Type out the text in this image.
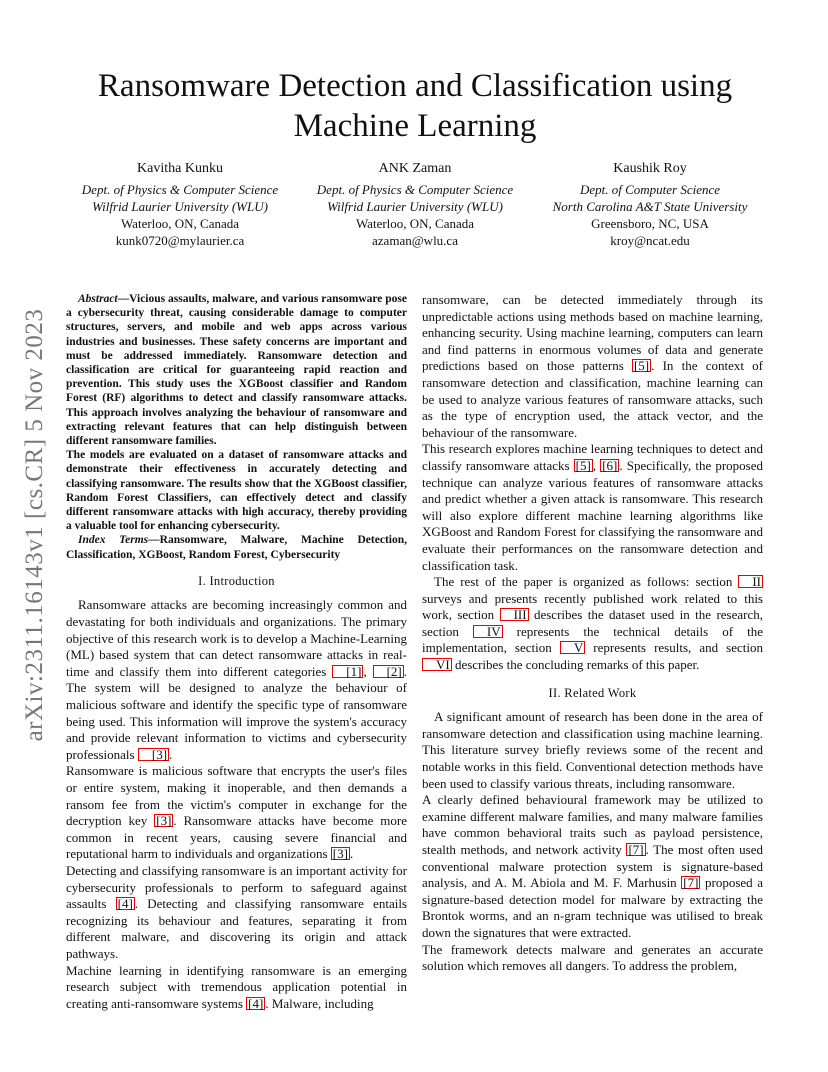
arXiv:2311.16143v1 [cs.CR] 5 Nov 2023
Ransomware Detection and Classification using
Machine Learning
Kavitha Kunku
Dept. of Physics & Computer Science
Wilfrid Laurier University (WLU)
Waterloo, ON, Canada
kunk0720@mylaurier.ca
ANK Zaman
Dept. of Physics & Computer Science
Wilfrid Laurier University (WLU)
Waterloo, ON, Canada
azaman@wlu.ca
Kaushik Roy
Dept. of Computer Science
North Carolina A&T State University
Greensboro, NC, USA
kroy@ncat.edu

Abstract—Vicious assaults, malware, and various ransomware pose a cybersecurity threat, causing considerable damage to computer structures, servers, and mobile and web apps across various industries and businesses. These safety concerns are important and must be addressed immediately. Ransomware detection and classification are critical for guaranteeing rapid reaction and prevention. This study uses the XGBoost classifier and Random Forest (RF) algorithms to detect and classify ransomware attacks. This approach involves analyzing the behaviour of ransomware and extracting relevant features that can help distinguish between different ransomware families.

The models are evaluated on a dataset of ransomware attacks and demonstrate their effectiveness in accurately detecting and classifying ransomware. The results show that the XGBoost classifier, Random Forest Classifiers, can effectively detect and classify different ransomware attacks with high accuracy, thereby providing a valuable tool for enhancing cybersecurity.

Index Terms—Ransomware, Malware, Machine Detection, Classification, XGBoost, Random Forest, Cybersecurity

I. Introduction

Ransomware attacks are becoming increasingly common and devastating for both individuals and organizations. The primary objective of this research work is to develop a Machine-Learning (ML) based system that can detect ransomware attacks in real-time and classify them into different categories [1] , [2] . The system will be designed to analyze the behaviour of malicious software and identify the specific type of ransomware being used. This information will improve the system's accuracy and provide relevant information to victims and cybersecurity professionals [3] .

Ransomware is malicious software that encrypts the user's files or entire system, making it inoperable, and then demands a ransom fee from the victim's computer in exchange for the decryption key [3] . Ransomware attacks have become more common in recent years, causing severe financial and reputational harm to individuals and organizations [3] .

Detecting and classifying ransomware is an important activity for cybersecurity professionals to perform to safeguard against assaults [4] . Detecting and classifying ransomware entails recognizing its behaviour and features, separating it from different malware, and discovering its origin and attack pathways.

Machine learning in identifying ransomware is an emerging research subject with tremendous application potential in creating anti-ransomware systems [4] . Malware, including

ransomware, can be detected immediately through its unpredictable actions using methods based on machine learning, enhancing security. Using machine learning, computers can learn and find patterns in enormous volumes of data and generate predictions based on those patterns [5] . In the context of ransomware detection and classification, machine learning can be used to analyze various features of ransomware attacks, such as the type of encryption used, the attack vector, and the behaviour of the ransomware.

This research explores machine learning techniques to detect and classify ransomware attacks [5] , [6] . Specifically, the proposed technique can analyze various features of ransomware attacks and predict whether a given attack is ransomware. This research will also explore different machine learning algorithms like XGBoost and Random Forest for classifying the ransomware and evaluate their performances on the ransomware detection and classification task.

The rest of the paper is organized as follows: section II surveys and presents recently published work related to this work, section III describes the dataset used in the research, section IV represents the technical details of the implementation, section V represents results, and section VI describes the concluding remarks of this paper.

II. Related Work

A significant amount of research has been done in the area of ransomware detection and classification using machine learning. This literature survey briefly reviews some of the recent and notable works in this field. Conventional detection methods have been used to classify various threats, including ransomware.

A clearly defined behavioural framework may be utilized to examine different malware families, and many malware families have common behavioral traits such as payload persistence, stealth methods, and network activity [7] . The most often used conventional malware protection system is signature-based analysis, and A. M. Abiola and M. F. Marhusin [7] proposed a signature-based detection model for malware by extracting the Brontok worms, and an n-gram technique was utilised to break down the signatures that were extracted.

The framework detects malware and generates an accurate solution which removes all dangers. To address the problem,
